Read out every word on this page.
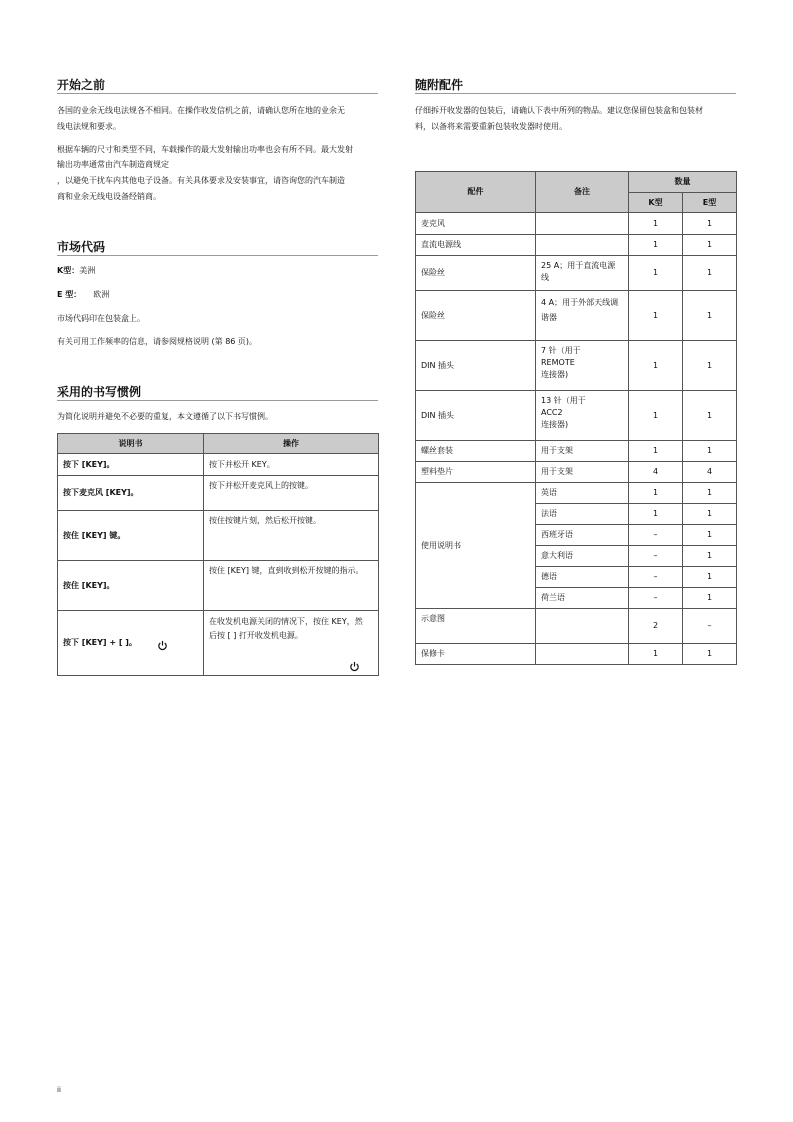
开始之前

各国的业余无线电法规各不相同。在操作收发信机之前，请确认您所在地的业余无

线电法规和要求。

根据车辆的尺寸和类型不同，车载操作的最大发射输出功率也会有所不同。最大发射

输出功率通常由汽车制造商规定

，以避免干扰车内其他电子设备。有关具体要求及安装事宜，请咨询您的汽车制造

商和业余无线电设备经销商。

市场代码

K型：美洲

E 型： 欧洲

市场代码印在包装盒上。

有关可用工作频率的信息，请参阅规格说明 (第 86 页)。

采用的书写惯例

为简化说明并避免不必要的重复，本文遵循了以下书写惯例。

说明书	操作
按下 [KEY]。	按下并松开 KEY。
按下麦克风 [KEY]。	按下并松开麦克风上的按键。
按住 [KEY] 键。	按住按键片刻，然后松开按键。
按住 [KEY]。	按住 [KEY] 键，直到收到松开按键的指示。
按下 [KEY] + [ ]。	在收发机电源关闭的情况下，按住 KEY，然
后按 [ ] 打开收发机电源。
随附配件

仔细拆开收发器的包装后，请确认下表中所列的物品。建议您保留包装盒和包装材

料，以备将来需要重新包装收发器时使用。

配件	备注	数量	
		K型	E型
麦克风		1	1
直流电源线		1	1
保险丝	25 A；用于直流电源线	1	1
保险丝	4 A；用于外部天线调
谐器	1	1
DIN 插头	7 针（用于
REMOTE
连接器)	1	1
DIN 插头	13 针（用于
ACC2
连接器)	1	1
螺丝套装	用于支架	1	1
塑料垫片	用于支架	4	4
使用说明书	英语	1	1
	法语	1	1
	西班牙语	–	1
	意大利语	–	1
	德语	–	1
	荷兰语	–	1
示意图		2	–
保修卡		1	1
ii
